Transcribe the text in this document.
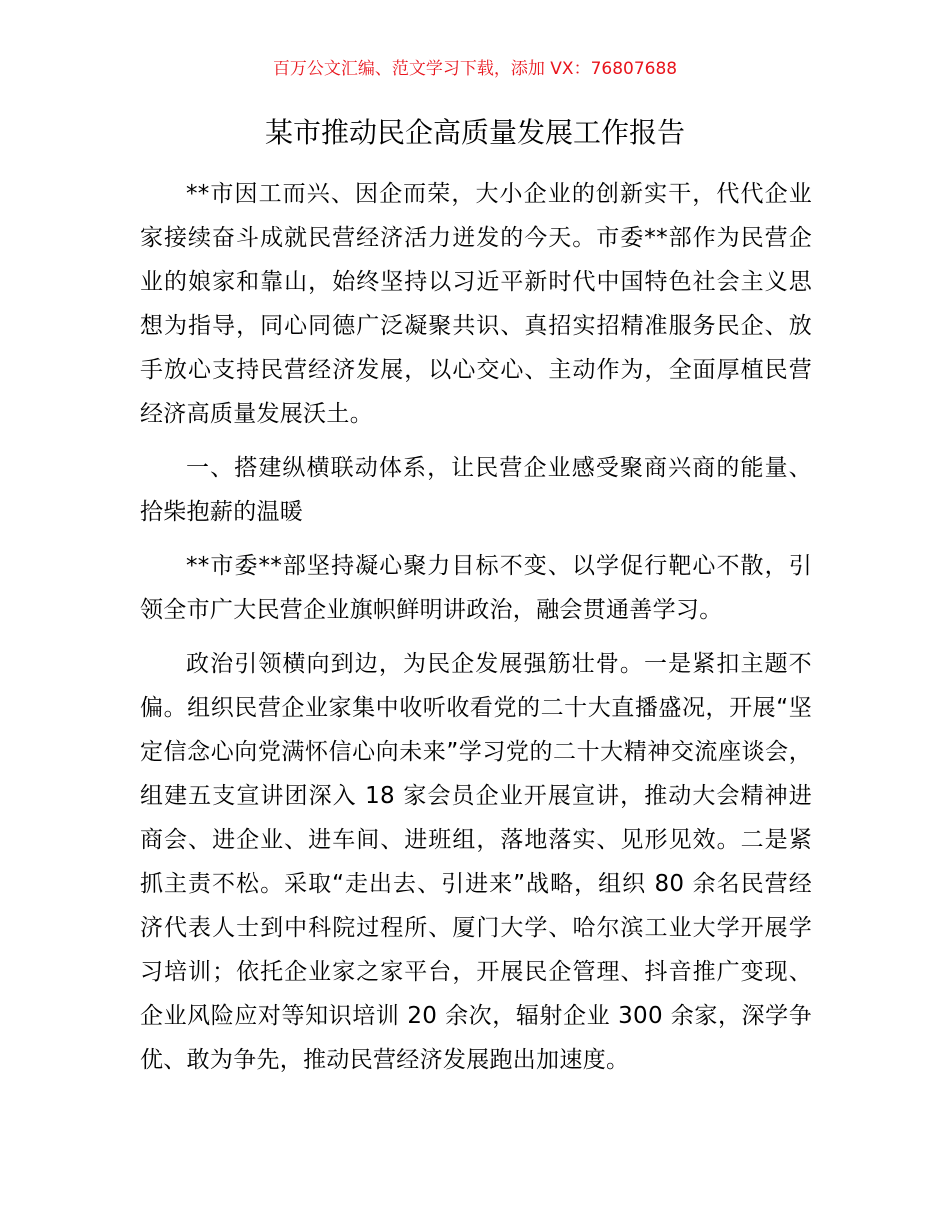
百万公文汇编、范文学习下载，添加 VX：76807688
某市推动民企高质量发展工作报告

**市因工而兴、因企而荣，大小企业的创新实干，代代企业家接续奋斗成就民营经济活力迸发的今天。市委**部作为民营企业的娘家和靠山，始终坚持以习近平新时代中国特色社会主义思想为指导，同心同德广泛凝聚共识、真招实招精准服务民企、放手放心支持民营经济发展，以心交心、主动作为，全面厚植民营经济高质量发展沃土。

一、搭建纵横联动体系，让民营企业感受聚商兴商的能量、拾柴抱薪的温暖

**市委**部坚持凝心聚力目标不变、以学促行靶心不散，引领全市广大民营企业旗帜鲜明讲政治，融会贯通善学习。

政治引领横向到边，为民企发展强筋壮骨。一是紧扣主题不偏。组织民营企业家集中收听收看党的二十大直播盛况，开展“坚定信念心向党满怀信心向未来”学习党的二十大精神交流座谈会，组建五支宣讲团深入 18 家会员企业开展宣讲，推动大会精神进商会、进企业、进车间、进班组，落地落实、见形见效。二是紧抓主责不松。采取“走出去、引进来”战略，组织 80 余名民营经济代表人士到中科院过程所、厦门大学、哈尔滨工业大学开展学习培训；依托企业家之家平台，开展民企管理、抖音推广变现、企业风险应对等知识培训 20 余次，辐射企业 300 余家，深学争优、敢为争先，推动民营经济发展跑出加速度。
